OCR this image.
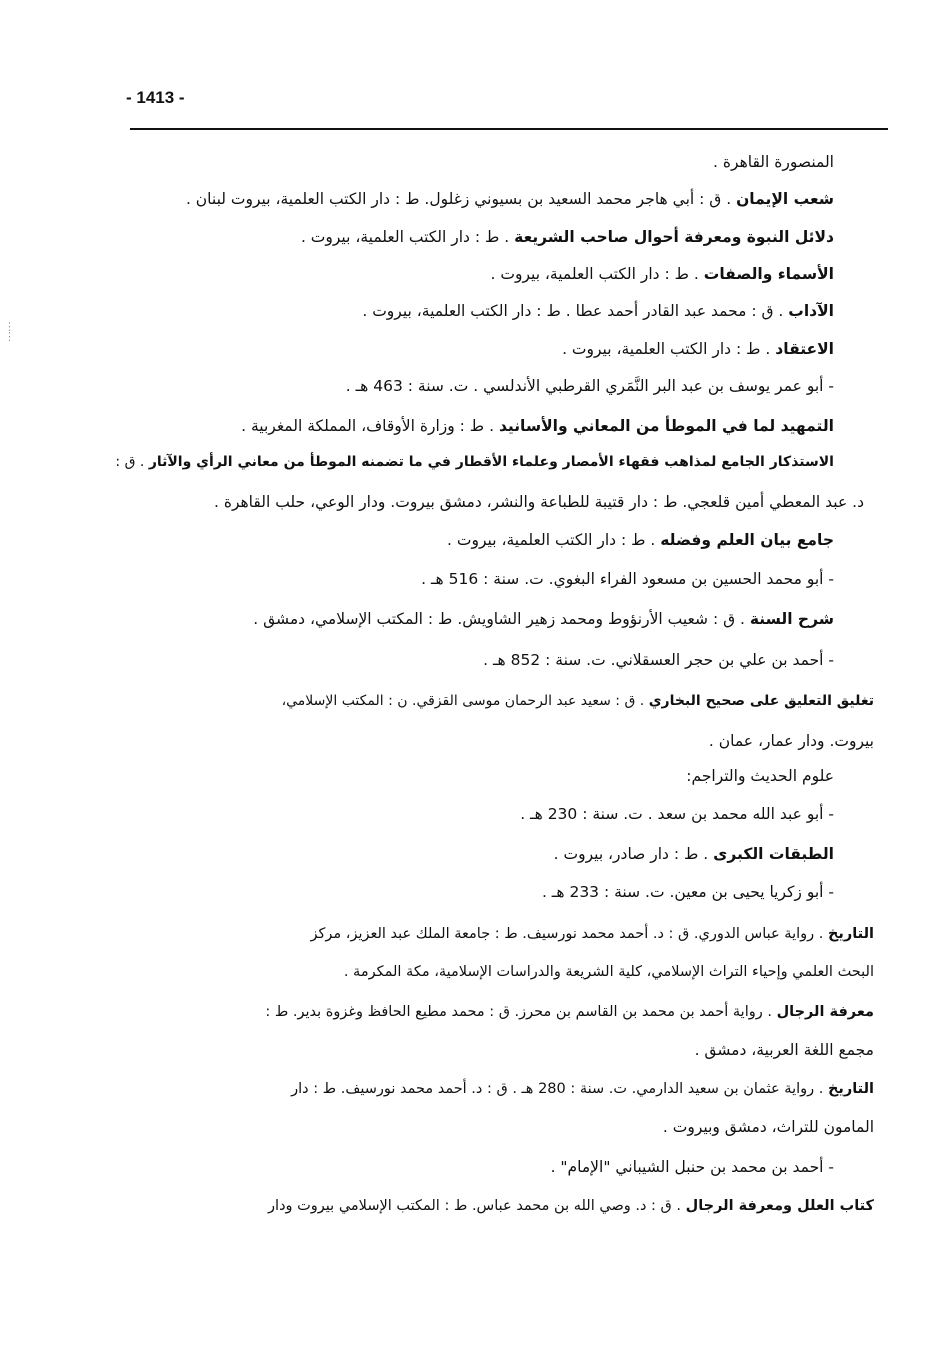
- 1413 -
⋮
⋮
المنصورة القاهرة .
شعب الإيمان . ق : أبي هاجر محمد السعيد بن بسيوني زغلول. ط : دار الكتب العلمية، بيروت لبنان .
دلائل النبوة ومعرفة أحوال صاحب الشريعة . ط : دار الكتب العلمية، بيروت .
الأسماء والصفات . ط : دار الكتب العلمية، بيروت .
الآداب . ق : محمد عبد القادر أحمد عطا . ط : دار الكتب العلمية، بيروت .
الاعتقاد . ط : دار الكتب العلمية، بيروت .
- أبو عمر يوسف بن عبد البر النَّمَري القرطبي الأندلسي . ت. سنة : 463 هـ .
التمهيد لما في الموطأ من المعاني والأسانيد . ط : وزارة الأوقاف، المملكة المغربية .
الاستذكار الجامع لمذاهب فقهاء الأمصار وعلماء الأقطار في ما تضمنه الموطأ من معاني الرأي والآثار . ق :
د. عبد المعطي أمين قلعجي. ط : دار قتيبة للطباعة والنشر، دمشق بيروت. ودار الوعي، حلب القاهرة .
جامع بيان العلم وفضله . ط : دار الكتب العلمية، بيروت .
- أبو محمد الحسين بن مسعود الفراء البغوي. ت. سنة : 516 هـ .
شرح السنة . ق : شعيب الأرنؤوط ومحمد زهير الشاويش. ط : المكتب الإسلامي، دمشق .
- أحمد بن علي بن حجر العسقلاني. ت. سنة : 852 هـ .
تغليق التعليق على صحيح البخاري . ق : سعيد عبد الرحمان موسى القزقي. ن : المكتب الإسلامي،
بيروت. ودار عمار، عمان .
علوم الحديث والتراجم:
- أبو عبد الله محمد بن سعد . ت. سنة : 230 هـ .
الطبقات الكبرى . ط : دار صادر، بيروت .
- أبو زكريا يحيى بن معين. ت. سنة : 233 هـ .
التاريخ . رواية عباس الدوري. ق : د. أحمد محمد نورسيف. ط : جامعة الملك عبد العزيز، مركز
البحث العلمي وإحياء التراث الإسلامي، كلية الشريعة والدراسات الإسلامية، مكة المكرمة .
معرفة الرجال . رواية أحمد بن محمد بن القاسم بن محرز. ق : محمد مطيع الحافظ وغزوة بدير. ط :
مجمع اللغة العربية، دمشق .
التاريخ . رواية عثمان بن سعيد الدارمي. ت. سنة : 280 هـ . ق : د. أحمد محمد نورسيف. ط : دار
المامون للتراث، دمشق وبيروت .
- أحمد بن محمد بن حنبل الشيباني "الإمام" .
كتاب العلل ومعرفة الرجال . ق : د. وصي الله بن محمد عباس. ط : المكتب الإسلامي بيروت ودار
